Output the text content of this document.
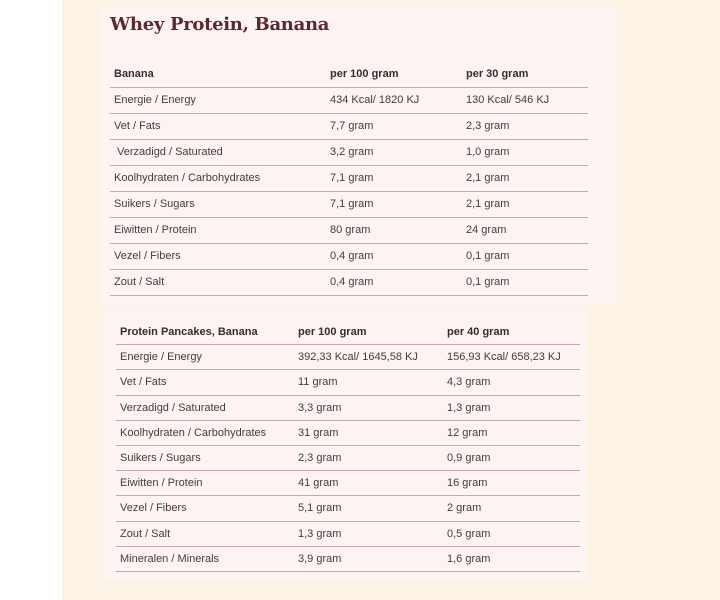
Whey Protein, Banana
Banana	per 100 gram	per 30 gram
Energie / Energy	434 Kcal/ 1820 KJ	130 Kcal/ 546 KJ
Vet / Fats	7,7 gram	2,3 gram
Verzadigd / Saturated	3,2 gram	1,0 gram
Koolhydraten / Carbohydrates	7,1 gram	2,1 gram
Suikers / Sugars	7,1 gram	2,1 gram
Eiwitten / Protein	80 gram	24 gram
Vezel / Fibers	0,4 gram	0,1 gram
Zout / Salt	0,4 gram	0,1 gram
Protein Pancakes, Banana	per 100 gram	per 40 gram
Energie / Energy	392,33 Kcal/ 1645,58 KJ	156,93 Kcal/ 658,23 KJ
Vet / Fats	11 gram	4,3 gram
Verzadigd / Saturated	3,3 gram	1,3 gram
Koolhydraten / Carbohydrates	31 gram	12 gram
Suikers / Sugars	2,3 gram	0,9 gram
Eiwitten / Protein	41 gram	16 gram
Vezel / Fibers	5,1 gram	2 gram
Zout / Salt	1,3 gram	0,5 gram
Mineralen / Minerals	3,9 gram	1,6 gram
